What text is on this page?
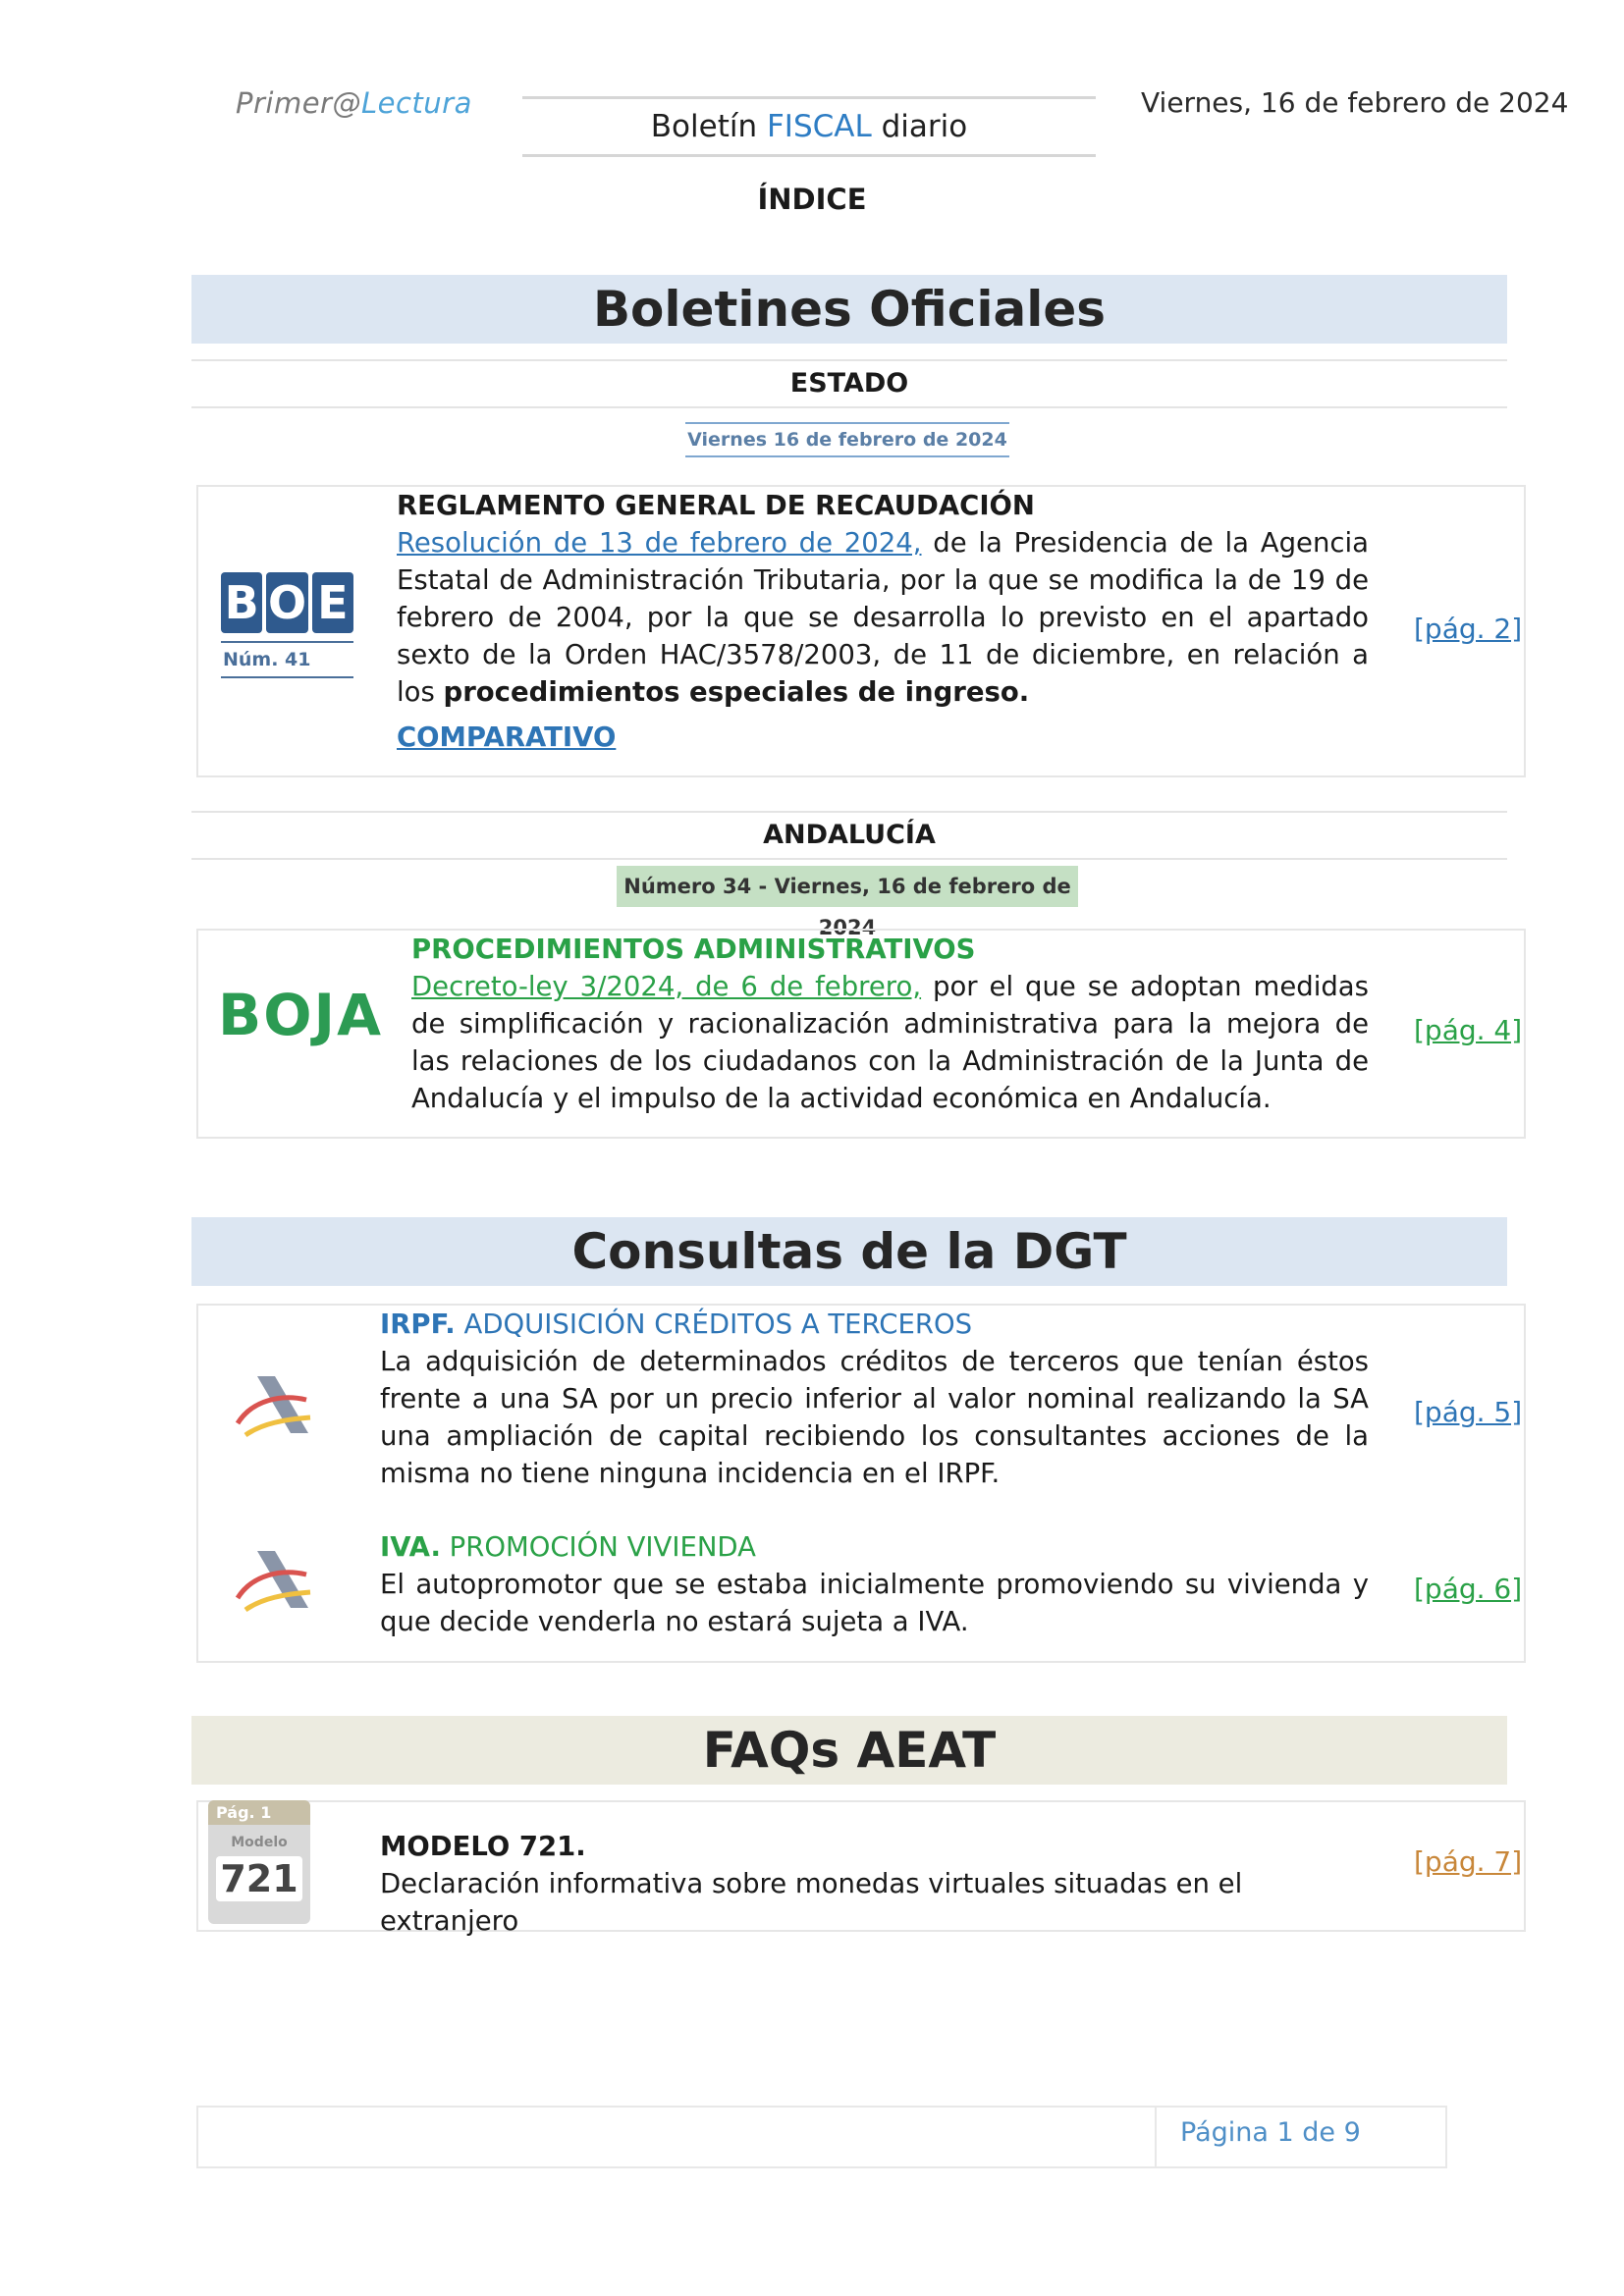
Primer@Lectura
Boletín FISCAL diario
Viernes, 16 de febrero de 2024
ÍNDICE
Boletines Oficiales
ESTADO
Viernes 16 de febrero de 2024
B O E
Núm. 41
REGLAMENTO GENERAL DE RECAUDACIÓN
Resolución de 13 de febrero de 2024, de la Presidencia de la Agencia Estatal de Administración Tributaria, por la que se modifica la de 19 de febrero de 2004, por la que se desarrolla lo previsto en el apartado sexto de la Orden HAC/3578/2003, de 11 de diciembre, en relación a los procedimientos especiales de ingreso.
COMPARATIVO
[pág. 2]
ANDALUCÍA
Número 34 - Viernes, 16 de febrero de 2024
BOJA
PROCEDIMIENTOS ADMINISTRATIVOS
Decreto-ley 3/2024, de 6 de febrero, por el que se adoptan medidas de simplificación y racionalización administrativa para la mejora de las relaciones de los ciudadanos con la Administración de la Junta de Andalucía y el impulso de la actividad económica en Andalucía.
[pág. 4]
Consultas de la DGT
IRPF. ADQUISICIÓN CRÉDITOS A TERCEROS
La adquisición de determinados créditos de terceros que tenían éstos frente a una SA por un precio inferior al valor nominal realizando la SA una ampliación de capital recibiendo los consultantes acciones de la misma no tiene ninguna incidencia en el IRPF.
[pág. 5]
IVA. PROMOCIÓN VIVIENDA
El autopromotor que se estaba inicialmente promoviendo su vivienda y que decide venderla no estará sujeta a IVA.
[pág. 6]
FAQs AEAT
Pág. 1
Modelo
721
MODELO 721.
Declaración informativa sobre monedas virtuales situadas en el extranjero
[pág. 7]
Página 1 de 9
